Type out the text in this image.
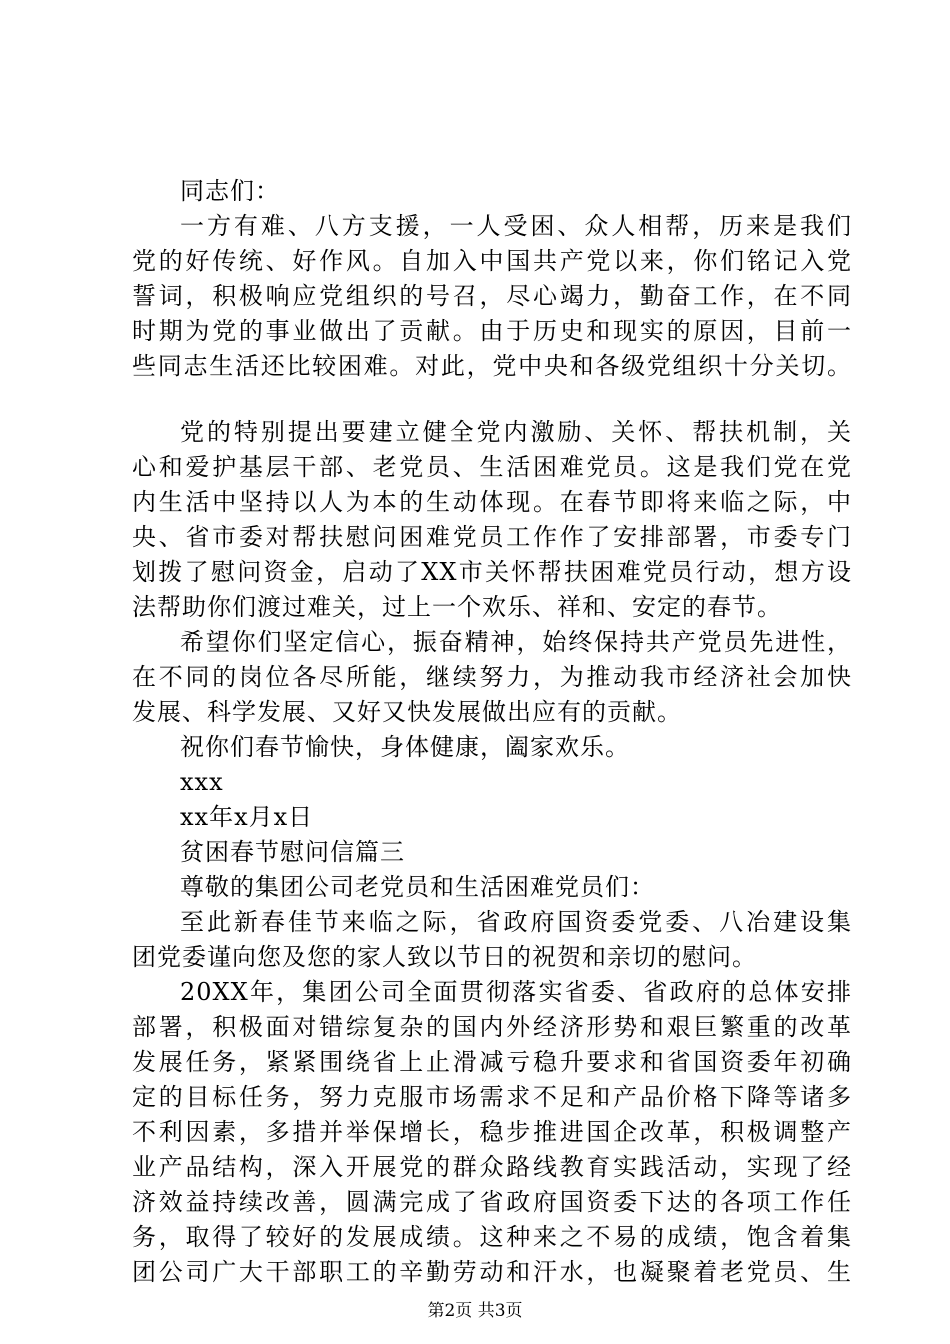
同志们：
一方有难、八方支援，一人受困、众人相帮，历来是我们
党的好传统、好作风。自加入中国共产党以来，你们铭记入党
誓词，积极响应党组织的号召，尽心竭力，勤奋工作，在不同
时期为党的事业做出了贡献。由于历史和现实的原因，目前一
些同志生活还比较困难。对此，党中央和各级党组织十分关切。
党的特别提出要建立健全党内激励、关怀、帮扶机制，关
心和爱护基层干部、老党员、生活困难党员。这是我们党在党
内生活中坚持以人为本的生动体现。在春节即将来临之际，中
央、省市委对帮扶慰问困难党员工作作了安排部署，市委专门
划拨了慰问资金，启动了XX市关怀帮扶困难党员行动，想方设
法帮助你们渡过难关，过上一个欢乐、祥和、安定的春节。
希望你们坚定信心，振奋精神，始终保持共产党员先进性，
在不同的岗位各尽所能，继续努力，为推动我市经济社会加快
发展、科学发展、又好又快发展做出应有的贡献。
祝你们春节愉快，身体健康，阖家欢乐。
xxx
xx年x月x日
贫困春节慰问信篇三
尊敬的集团公司老党员和生活困难党员们：
至此新春佳节来临之际，省政府国资委党委、八冶建设集
团党委谨向您及您的家人致以节日的祝贺和亲切的慰问。
20XX年，集团公司全面贯彻落实省委、省政府的总体安排
部署，积极面对错综复杂的国内外经济形势和艰巨繁重的改革
发展任务，紧紧围绕省上止滑减亏稳升要求和省国资委年初确
定的目标任务，努力克服市场需求不足和产品价格下降等诸多
不利因素，多措并举保增长，稳步推进国企改革，积极调整产
业产品结构，深入开展党的群众路线教育实践活动，实现了经
济效益持续改善，圆满完成了省政府国资委下达的各项工作任
务，取得了较好的发展成绩。这种来之不易的成绩，饱含着集
团公司广大干部职工的辛勤劳动和汗水，也凝聚着老党员、生
第2页 共3页
